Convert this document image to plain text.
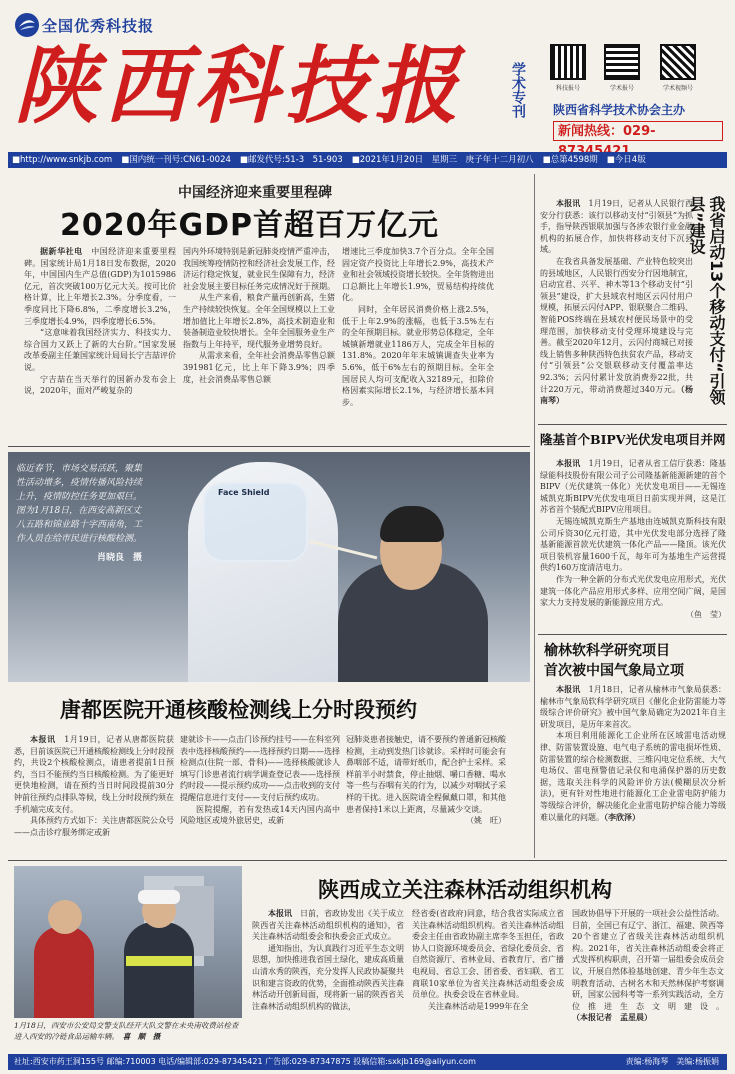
全国优秀科技报
陕西科技报	学术专刊	科技报号	学术报号	学术视频号
陕西省科学技术协会主办
新闻热线：029-
■http://www.snkjb.com ■国内统一刊号:CN61-0024 ■邮发代号:51-3　51-903 ■2021年1月20日　星期三　庚子年十二月初八 ■总第4598期 ■今日4版
中国经济迎来重要里程碑
2020年GDP首超百万亿元

据新华社电　 中国经济迎来重要里程碑。国家统计局1月18日发布数据，2020年，中国国内生产总值(GDP)为1015986亿元，首次突破100万亿元大关。按可比价格计算，比上年增长2.3%。分季度看，一季度同比下降6.8%，二季度增长3.2%，三季度增长4.9%，四季度增长6.5%。

“这意味着我国经济实力、科技实力、综合国力又跃上了新的大台阶。”国家发展改革委副主任兼国家统计局局长宁吉喆评价说。

宁吉喆在当天举行的国新办发布会上说，2020年，面对严峻复杂的

国内外环境特别是新冠肺炎疫情严重冲击，我国统筹疫情防控和经济社会发展工作，经济运行稳定恢复，就业民生保障有力，经济社会发展主要目标任务完成情况好于预期。

从生产来看，粮食产量再创新高，生猪生产持续较快恢复。全年全国规模以上工业增加值比上年增长2.8%，高技术制造业和装备制造业较快增长。全年全国服务业生产指数与上年持平，现代服务业增势良好。

从需求来看，全年社会消费品零售总额391981亿元，比上年下降3.9%；四季度，社会消费品零售总额

增速比三季度加快3.7个百分点。全年全国固定资产投资比上年增长2.9%，高技术产业和社会领域投资增长较快。全年货物进出口总额比上年增长1.9%，贸易结构持续优化。

同时，全年居民消费价格上涨2.5%，低于上年2.9%的涨幅，也低于3.5%左右的全年预期目标。就业形势总体稳定，全年城镇新增就业1186万人，完成全年目标的131.8%。2020年年末城镇调查失业率为5.6%，低于6%左右的预期目标。全年全国居民人均可支配收入32189元，扣除价格因素实际增长2.1%，与经济增长基本同步。

Face Shield
临近春节，市场交易活跃，聚集性活动增多，疫情传播风险持续上升，疫情防控任务更加艰巨。图为1月18日，在西安高新区丈八五路和锦业路十字西南角，工作人员在给市民进行核酸检测。
肖晓良　摄
唐都医院开通核酸检测线上分时段预约

本报讯　 1月19日，记者从唐都医院获悉，目前该医院已开通核酸检测线上分时段预约，共设2个核酸检测点，请患者提前1日预约，当日不能预约当日核酸检测。为了能更好更快地检测，请在预约当日时间段提前30分钟前往预约点排队等候，线上分时段预约须在手机端完成支付。

具体预约方式如下：关注唐都医院公众号——点击诊疗服务绑定或新

建就诊卡——点击门诊预约挂号——在科室列表中选择核酸预约——选择预约日期——选择检测点(住院一部、骨科)——选择核酸就诊人填写门诊患者流行病学调查登记表——选择预约时段——提示预约成功——点击收到的支付提醒信息进行支付——支付后预约成功。

医院提醒，若有发热或14天内国内高中风险地区或境外旅居史，或新

冠肺炎患者接触史，请不要预约普通新冠核酸检测，主动到发热门诊就诊。采样时可能会有鼻咽部不适，请带好纸巾，配合护士采样。采样前半小时禁食，停止抽烟、嚼口香糖、喝水等一些与吞咽有关的行为，以减少对咽拭子采样的干扰。进入医院请全程佩戴口罩，和其他患者保持1米以上距离，尽量减少交谈。

（姚　旺）

1月18日，西安市公安局交警支队经开大队交警在未央南收费站检查进入西安的冷链食品运输车辆。　 喜　顺　摄
陕西成立关注森林活动组织机构

本报讯　 日前，省政协发出《关于成立陕西省关注森林活动组织机构的通知》，省关注森林活动组委会和执委会正式成立。

通知指出，为认真践行习近平生态文明思想，加快推进我省国土绿化，建成高质量山清水秀的陕西，充分发挥人民政协凝聚共识和建言资政的优势，全面推动陕西关注森林活动开创新局面，现将新一届的陕西省关注森林活动组织机构的做法，

经省委(省政府)同意，结合我省实际成立省关注森林活动组织机构。省关注森林活动组委会主任由省政协副主席李冬玉担任，省政协人口资源环境委员会、省绿化委员会、省自然资源厅、省林业局、省教育厅、省广播电视局、省总工会、团省委、省妇联、省工商联10家单位为省关注森林活动组委会成员单位。执委会设在省林业局。

关注森林活动是1999年在全

国政协倡导下开展的一项社会公益性活动。目前，全国已有辽宁、浙江、福建、陕西等20个省建立了省级关注森林活动组织机构。2021年，省关注森林活动组委会将正式发挥机构职责，召开第一届组委会成员会议，开展自然体验基地创建、青少年生态文明教育活动、古树名木和天然林保护考察调研，国家公园科考等一系列实践活动，全方位推进生态文明建设。（本报记者　孟星晨）

本报讯　 1月19日，记者从人民银行西安分行获悉：该行以移动支付“引领县”为抓手，指导陕西银联加强与各涉农银行业金融机构的拓展合作，加快将移动支付下沉县域。

在我省具备发展基础、产业特色较突出的县域地区，人民银行西安分行因地制宜，启动宜君、兴平、神木等13个移动支付“引领县”建设，扩大县域农村地区云闪付用户规模，拓展云闪付APP、银联聚合二维码、智能POS终端在县域农村便民场景中的受理范围，加快移动支付受理环境建设与完善。截至2020年12月，云闪付商城已对接线上销售多种陕西特色扶贫农产品，移动支付“引领县”公交银联移动支付覆盖率达92.3%；云闪付累计发放消费券22批，共计220万元，带动消费超过340万元。（杨南琴）	我省启动13个移动支付“引领县”建设
隆基首个BIPV光伏发电项目并网

本报讯　 1月19日，记者从省工信厅获悉：隆基绿能科技股份有限公司子公司隆基新能源新建的首个BIPV（光伏建筑一体化）光伏发电项目——无锡连城凯克斯BIPV光伏发电项目日前实现并网，这是江苏省首个装配式BIPV应用项目。

无锡连城凯克斯生产基地由连城凯克斯科技有限公司斥资30亿元打造，其中光伏发电部分选择了隆基新能源首款光伏建筑一体化产品——隆顶。该光伏项目装机容量1600千瓦，每年可为基地生产运营提供约160万度清洁电力。

作为一种全新的分布式光伏发电应用形式，光伏建筑一体化产品应用形式多样、应用空间广阔，是国家大力支持发展的新能源应用方式。

（鱼　莹）

榆林软科学研究项目
首次被中国气象局立项

本报讯　 1月18日，记者从榆林市气象局获悉：榆林市气象局软科学研究项目《催化企业防雷能力等级综合评价研究》被中国气象局确定为2021年自主研发项目，是历年来首次。

本项目利用能源化工企业所在区域雷电活动规律、防雷装置设施、电气电子系统的雷电损坏性质、防雷装置的综合检测数据、三维闪电定位系统、大气电场仪、雷电预警值记录仪和电涌保护器的历史数据，选取关注科学的风险评价方法(模糊层次分析法)，更有针对性地进行能源化工企业雷电防护能力等级综合评价，解决能化企业雷电防护综合能力等级难以量化的问题。（李欣泽）

社址:西安市药王洞155号 邮编:710003 电话/编辑部:029-87345421 广告部:029-87347875 投稿信箱:sxkjb169@aliyun.com	责编:杨海琴　美编:杨振娟
